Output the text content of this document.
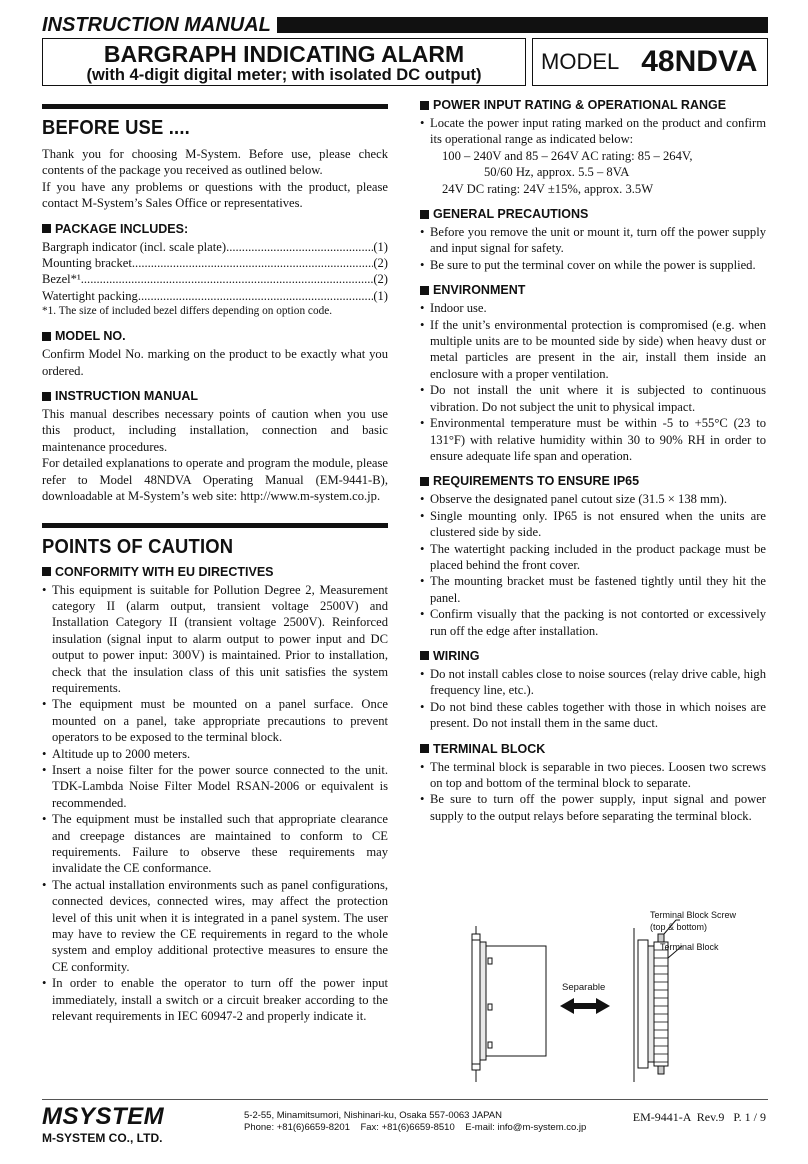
INSTRUCTION MANUAL
BARGRAPH INDICATING ALARM
(with 4-digit digital meter; with isolated DC output)
MODEL 48NDVA
BEFORE USE ....

Thank you for choosing M-System. Before use, please check contents of the package you received as outlined below.

If you have any problems or questions with the product, please contact M-System’s Sales Office or representatives.

PACKAGE INCLUDES:
Bargraph indicator (incl. scale plate) .....	(1)
Mounting bracket .....	(2)
Bezel*¹ .....	(2)
Watertight packing .....	(1)

*1. The size of included bezel differs depending on option code.

MODEL NO.

Confirm Model No. marking on the product to be exactly what you ordered.

INSTRUCTION MANUAL

This manual describes necessary points of caution when you use this product, including installation, connection and basic maintenance procedures.

For detailed explanations to operate and program the module, please refer to Model 48NDVA Operating Manual (EM-9441-B), downloadable at M-System’s web site: http://www.m-system.co.jp.

POINTS OF CAUTION
CONFORMITY WITH EU DIRECTIVES
• This equipment is suitable for Pollution Degree 2, Measurement category II (alarm output, transient voltage 2500V) and Installation Category II (transient voltage 2500V). Reinforced insulation (signal input to alarm output to power input and DC output to power input: 300V) is maintained. Prior to installation, check that the insulation class of this unit satisfies the system requirements.
• The equipment must be mounted on a panel surface. Once mounted on a panel, take appropriate precautions to prevent operators to be exposed to the terminal block.
• Altitude up to 2000 meters.
• Insert a noise filter for the power source connected to the unit. TDK-Lambda Noise Filter Model RSAN-2006 or equivalent is recommended.
• The equipment must be installed such that appropriate clearance and creepage distances are maintained to conform to CE requirements. Failure to observe these requirements may invalidate the CE conformance.
• The actual installation environments such as panel configurations, connected devices, connected wires, may affect the protection level of this unit when it is integrated in a panel system. The user may have to review the CE requirements in regard to the whole system and employ additional protective measures to ensure the CE conformity.
• In order to enable the operator to turn off the power input immediately, install a switch or a circuit breaker according to the relevant requirements in IEC 60947-2 and properly indicate it.
POWER INPUT RATING & OPERATIONAL RANGE
• Locate the power input rating marked on the product and confirm its operational range as indicated below:
100 – 240V and 85 – 264V AC rating: 85 – 264V,
50/60 Hz, approx. 5.5 – 8VA
24V DC rating: 24V ±15%, approx. 3.5W
GENERAL PRECAUTIONS
• Before you remove the unit or mount it, turn off the power supply and input signal for safety.
• Be sure to put the terminal cover on while the power is supplied.
ENVIRONMENT
• Indoor use.
• If the unit’s environmental protection is compromised (e.g. when multiple units are to be mounted side by side) when heavy dust or metal particles are present in the air, install them inside an enclosure with a proper ventilation.
• Do not install the unit where it is subjected to continuous vibration. Do not subject the unit to physical impact.
• Environmental temperature must be within -5 to +55°C (23 to 131°F) with relative humidity within 30 to 90% RH in order to ensure adequate life span and operation.
REQUIREMENTS TO ENSURE IP65
• Observe the designated panel cutout size (31.5 × 138 mm).
• Single mounting only. IP65 is not ensured when the units are clustered side by side.
• The watertight packing included in the product package must be placed behind the front cover.
• The mounting bracket must be fastened tightly until they hit the panel.
• Confirm visually that the packing is not contorted or excessively run off the edge after installation.
WIRING
• Do not install cables close to noise sources (relay drive cable, high frequency line, etc.).
• Do not bind these cables together with those in which noises are present. Do not install them in the same duct.
TERMINAL BLOCK
• The terminal block is separable in two pieces. Loosen two screws on top and bottom of the terminal block to separate.
• Be sure to turn off the power supply, input signal and power supply to the output relays before separating the terminal block.
Separable
Terminal Block Screw
(top & bottom)
Terminal Block
MSYSTEM
M-SYSTEM CO., LTD.
5-2-55, Minamitsumori, Nishinari-ku, Osaka 557-0063 JAPAN
Phone: +81(6)6659-8201    Fax: +81(6)6659-8510    E-mail: info@m-system.co.jp
EM-9441-A  Rev.9   P. 1 / 9
